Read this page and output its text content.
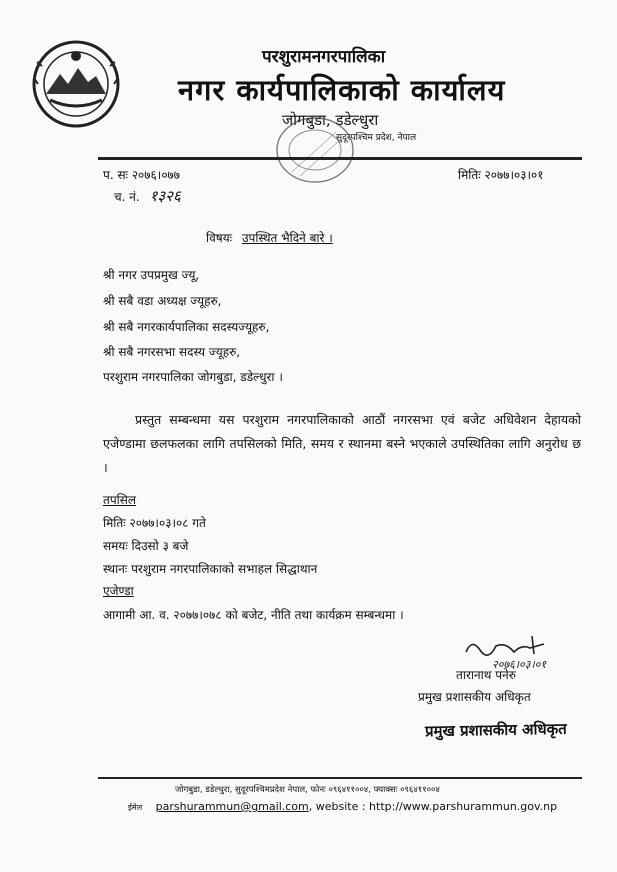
परशुरामनगरपालिका
नगर कार्यपालिकाको कार्यालय
जोगबुडा, डडेल्धुरा
सुदूरपश्चिम प्रदेश, नेपाल
प. सः २०७६।०७७	मितिः २०७७।०३।०१
च. नं. १३२६
विषयः उपस्थित भैदिने बारे ।
श्री नगर उपप्रमुख ज्यू,
श्री सबै वडा अध्यक्ष ज्यूहरु,
श्री सबै नगरकार्यपालिका सदस्यज्यूहरु,
श्री सबै नगरसभा सदस्य ज्यूहरु,
परशुराम नगरपालिका जोगबुडा, डडेल्धुरा ।
प्रस्तुत सम्बन्धमा यस परशुराम नगरपालिकाको आठौं नगरसभा एवं बजेट अधिवेशन देहायको एजेण्डामा छलफलका लागि तपसिलको मिति, समय र स्थानमा बस्ने भएकाले उपस्थितिका लागि अनुरोध छ ।
तपसिल
मितिः २०७७।०३।०८ गते
समयः दिउसो ३ बजे
स्थानः परशुराम नगरपालिकाको सभाहल सिद्धाथान
एजेण्डा
आगामी आ. व. २०७७।०७८ को बजेट, नीति तथा कार्यक्रम सम्बन्धमा ।
२०७६।०३।०१
तारानाथ पनेरु
प्रमुख प्रशासकीय अधिकृत
प्रमुख प्रशासकीय अधिकृत
जोगबुडा, डडेल्धुरा, सुदूरपश्चिमप्रदेश नेपाल, फोनः ०९६४११००४, फ्याक्सः ०९६४११००४
ईमेल parshurammun@gmail.com, website : http://www.parshurammun.gov.np
